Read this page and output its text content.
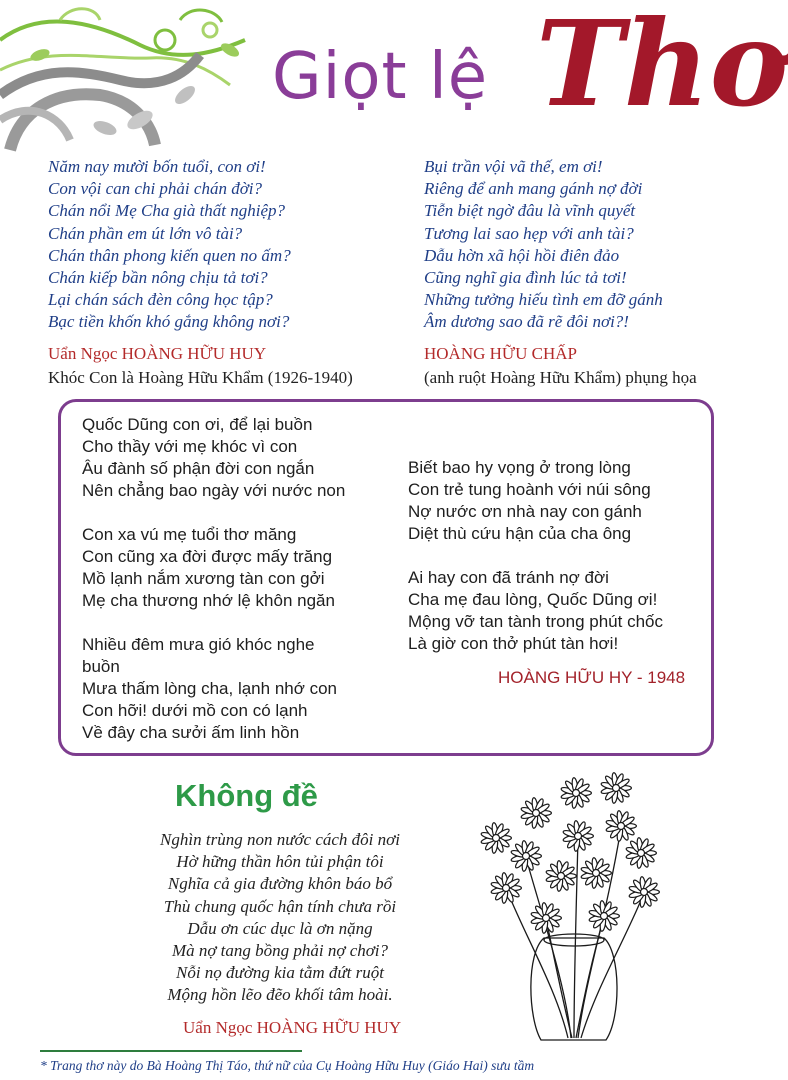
Giọt lệ Thơ
Năm nay mười bốn tuổi, con ơi!
Con vội can chi phải chán đời?
Chán nổi Mẹ Cha già thất nghiệp?
Chán phần em út lớn vô tài?
Chán thân phong kiến quen no ấm?
Chán kiếp bần nông chịu tả tơi?
Lại chán sách đèn công học tập?
Bạc tiền khốn khó gắng không nơi?
Uẩn Ngọc HOÀNG HỮU HUY
Khóc Con là Hoàng Hữu Khẩm (1926-1940)
Bụi trần vội vã thế, em ơi!
Riêng để anh mang gánh nợ đời
Tiễn biệt ngờ đâu là vĩnh quyết
Tương lai sao hẹp với anh tài?
Dẫu hờn xã hội hồi điên đảo
Cũng nghĩ gia đình lúc tả tơi!
Những tưởng hiếu tình em đỡ gánh
Âm dương sao đã rẽ đôi nơi?!
HOÀNG HỮU CHẤP
(anh ruột Hoàng Hữu Khẩm) phụng họa
Quốc Dũng con ơi, để lại buồn
Cho thầy với mẹ khóc vì con
Âu đành số phận đời con ngắn
Nên chẳng bao ngày với nước non
Con xa vú mẹ tuổi thơ măng
Con cũng xa đời được mấy trăng
Mồ lạnh nắm xương tàn con gởi
Mẹ cha thương nhớ lệ khôn ngăn
Nhiều đêm mưa gió khóc nghe
buồn
Mưa thấm lòng cha, lạnh nhớ con
Con hỡi! dưới mồ con có lạnh
Về đây cha sưởi ấm linh hồn
Biết bao hy vọng ở trong lòng
Con trẻ tung hoành với núi sông
Nợ nước ơn nhà nay con gánh
Diệt thù cứu hận của cha ông
Ai hay con đã tránh nợ đời
Cha mẹ đau lòng, Quốc Dũng ơi!
Mộng vỡ tan tành trong phút chốc
Là giờ con thở phút tàn hơi!
HOÀNG HỮU HY - 1948
Không đề
Nghìn trùng non nước cách đôi nơi
Hờ hững thần hôn tủi phận tôi
Nghĩa cả gia đường khôn báo bổ
Thù chung quốc hận tính chưa rồi
Dẫu ơn cúc dục là ơn nặng
Mà nợ tang bồng phải nợ chơi?
Nỗi nọ đường kia tằm đứt ruột
Mộng hồn lẽo đẽo khối tâm hoài.
Uẩn Ngọc HOÀNG HỮU HUY
* Trang thơ này do Bà Hoàng Thị Táo, thứ nữ của Cụ Hoàng Hữu Huy (Giáo Hai) sưu tầm
